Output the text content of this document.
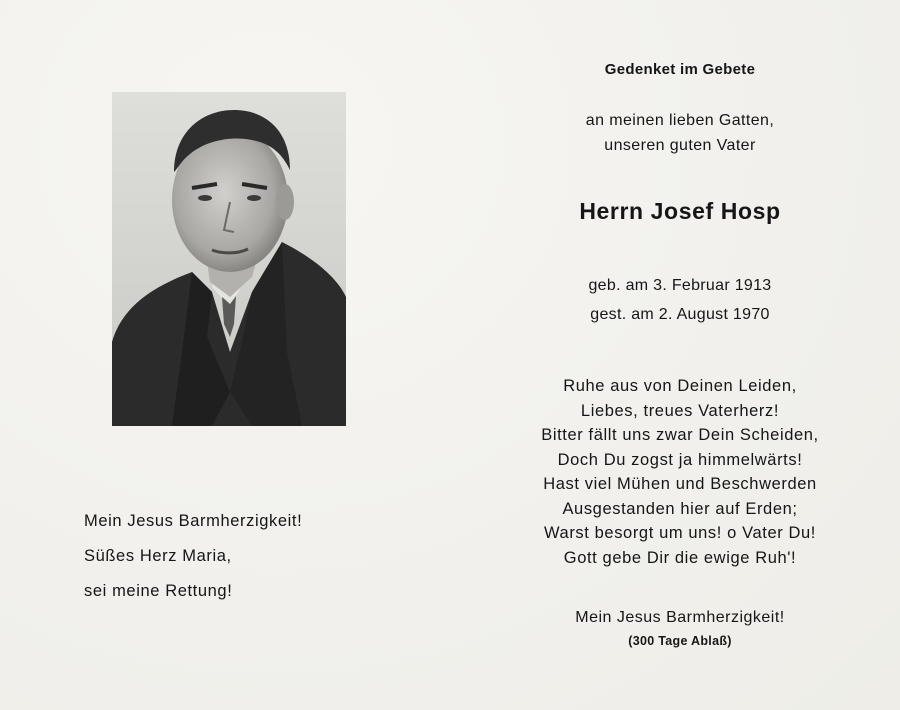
Mein Jesus Barmherzigkeit!
Süßes Herz Maria,
sei meine Rettung!
Gedenket im Gebete
an meinen lieben Gatten,
unseren guten Vater
Herrn Josef Hosp
geb. am 3. Februar 1913
gest. am 2. August 1970
Ruhe aus von Deinen Leiden,
Liebes, treues Vaterherz!
Bitter fällt uns zwar Dein Scheiden,
Doch Du zogst ja himmelwärts!
Hast viel Mühen und Beschwerden
Ausgestanden hier auf Erden;
Warst besorgt um uns! o Vater Du!
Gott gebe Dir die ewige Ruh'!
Mein Jesus Barmherzigkeit!
(300 Tage Ablaß)
